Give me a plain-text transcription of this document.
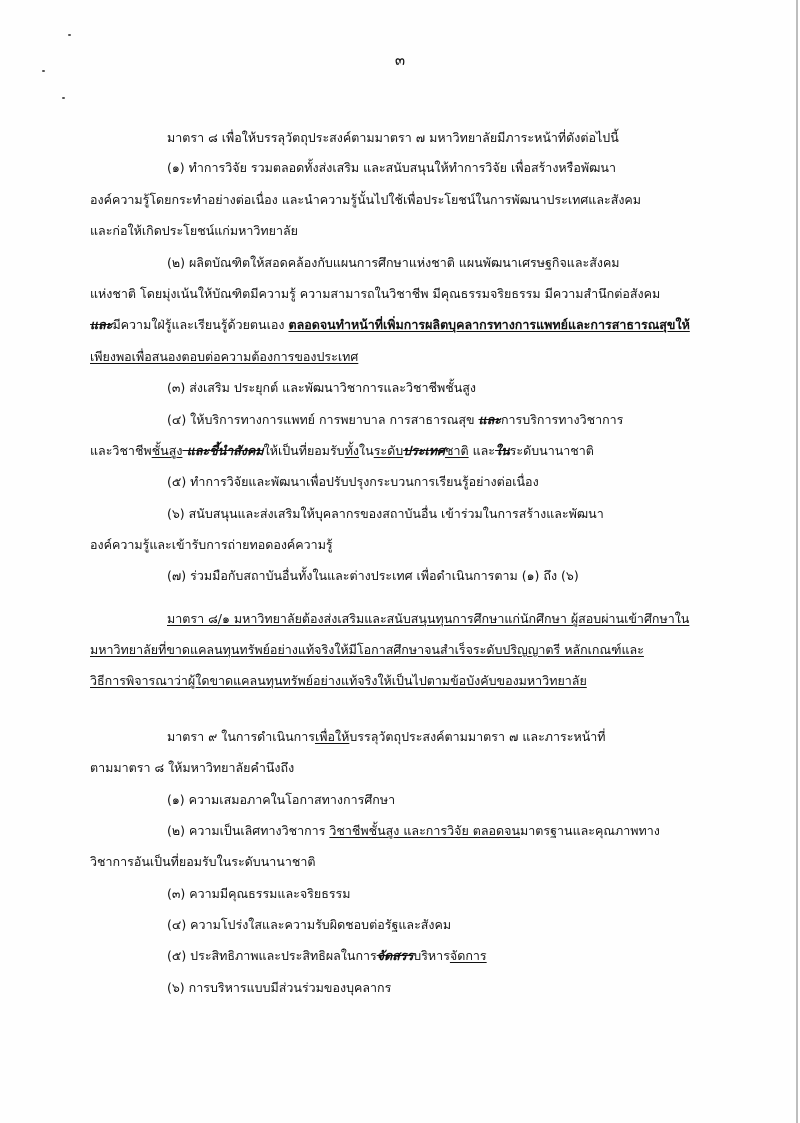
๓
มาตรา ๘ เพื่อให้บรรลุวัตถุประสงค์ตามมาตรา ๗ มหาวิทยาลัยมีภาระหน้าที่ดังต่อไปนี้
(๑) ทำการวิจัย รวมตลอดทั้งส่งเสริม และสนับสนุนให้ทำการวิจัย เพื่อสร้างหรือพัฒนา
องค์ความรู้โดยกระทำอย่างต่อเนื่อง และนำความรู้นั้นไปใช้เพื่อประโยชน์ในการพัฒนาประเทศและสังคม
และก่อให้เกิดประโยชน์แก่มหาวิทยาลัย
(๒) ผลิตบัณฑิตให้สอดคล้องกับแผนการศึกษาแห่งชาติ แผนพัฒนาเศรษฐกิจและสังคม
แห่งชาติ โดยมุ่งเน้นให้บัณฑิตมีความรู้ ความสามารถในวิชาชีพ มีคุณธรรมจริยธรรม มีความสำนึกต่อสังคม
และมีความใฝ่รู้และเรียนรู้ด้วยตนเอง ตลอดจนทำหน้าที่เพิ่มการผลิตบุคลากรทางการแพทย์และการสาธารณสุขให้
เพียงพอเพื่อสนองตอบต่อความต้องการของประเทศ
(๓) ส่งเสริม ประยุกต์ และพัฒนาวิชาการและวิชาชีพชั้นสูง
(๔) ให้บริการทางการแพทย์ การพยาบาล การสาธารณสุข และการบริการทางวิชาการ
และวิชาชีพชั้นสูง และชี้นำสังคมให้เป็นที่ยอมรับทั้งในระดับประเทศชาติ และในระดับนานาชาติ
(๕) ทำการวิจัยและพัฒนาเพื่อปรับปรุงกระบวนการเรียนรู้อย่างต่อเนื่อง
(๖) สนับสนุนและส่งเสริมให้บุคลากรของสถาบันอื่น เข้าร่วมในการสร้างและพัฒนา
องค์ความรู้และเข้ารับการถ่ายทอดองค์ความรู้
(๗) ร่วมมือกับสถาบันอื่นทั้งในและต่างประเทศ เพื่อดำเนินการตาม (๑) ถึง (๖)
มาตรา ๘/๑ มหาวิทยาลัยต้องส่งเสริมและสนับสนุนทุนการศึกษาแก่นักศึกษา ผู้สอบผ่านเข้าศึกษาใน
มหาวิทยาลัยที่ขาดแคลนทุนทรัพย์อย่างแท้จริงให้มีโอกาสศึกษาจนสำเร็จระดับปริญญาตรี หลักเกณฑ์และ
วิธีการพิจารณาว่าผู้ใดขาดแคลนทุนทรัพย์อย่างแท้จริงให้เป็นไปตามข้อบังคับของมหาวิทยาลัย
มาตรา ๙ ในการดำเนินการเพื่อให้บรรลุวัตถุประสงค์ตามมาตรา ๗ และภาระหน้าที่
ตามมาตรา ๘ ให้มหาวิทยาลัยคำนึงถึง
(๑) ความเสมอภาคในโอกาสทางการศึกษา
(๒) ความเป็นเลิศทางวิชาการ วิชาชีพชั้นสูง และการวิจัย ตลอดจนมาตรฐานและคุณภาพทาง
วิชาการอันเป็นที่ยอมรับในระดับนานาชาติ
(๓) ความมีคุณธรรมและจริยธรรม
(๔) ความโปร่งใสและความรับผิดชอบต่อรัฐและสังคม
(๕) ประสิทธิภาพและประสิทธิผลในการจัดสรรบริหารจัดการ
(๖) การบริหารแบบมีส่วนร่วมของบุคลากร
